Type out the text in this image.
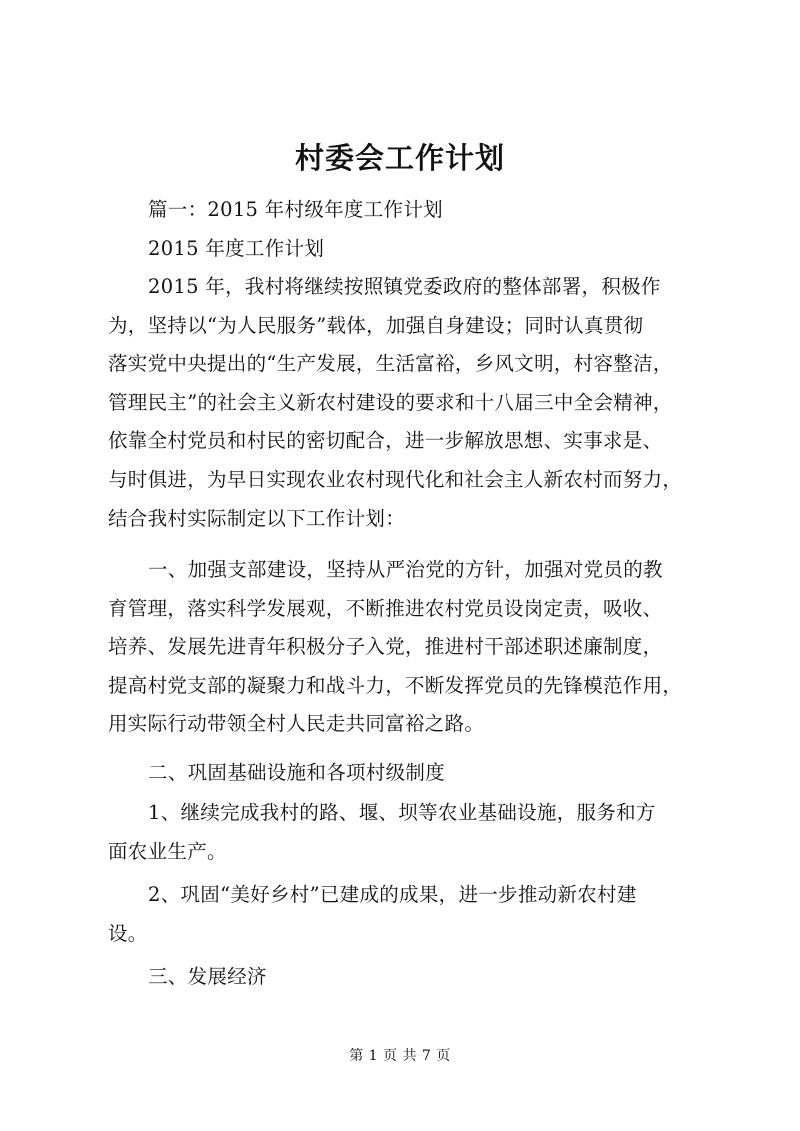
村委会工作计划
篇一：2015 年村级年度工作计划
2015 年度工作计划
2015 年，我村将继续按照镇党委政府的整体部署，积极作
为，坚持以“为人民服务”载体，加强自身建设；同时认真贯彻
落实党中央提出的“生产发展，生活富裕，乡风文明，村容整洁，
管理民主”的社会主义新农村建设的要求和十八届三中全会精神，
依靠全村党员和村民的密切配合，进一步解放思想、实事求是、
与时俱进，为早日实现农业农村现代化和社会主人新农村而努力，
结合我村实际制定以下工作计划：
一、加强支部建设，坚持从严治党的方针，加强对党员的教
育管理，落实科学发展观，不断推进农村党员设岗定责，吸收、
培养、发展先进青年积极分子入党，推进村干部述职述廉制度，
提高村党支部的凝聚力和战斗力，不断发挥党员的先锋模范作用，
用实际行动带领全村人民走共同富裕之路。
二、巩固基础设施和各项村级制度
1、继续完成我村的路、堰、坝等农业基础设施，服务和方
面农业生产。
2、巩固“美好乡村”已建成的成果，进一步推动新农村建
设。
三、发展经济
第 1 页 共 7 页
